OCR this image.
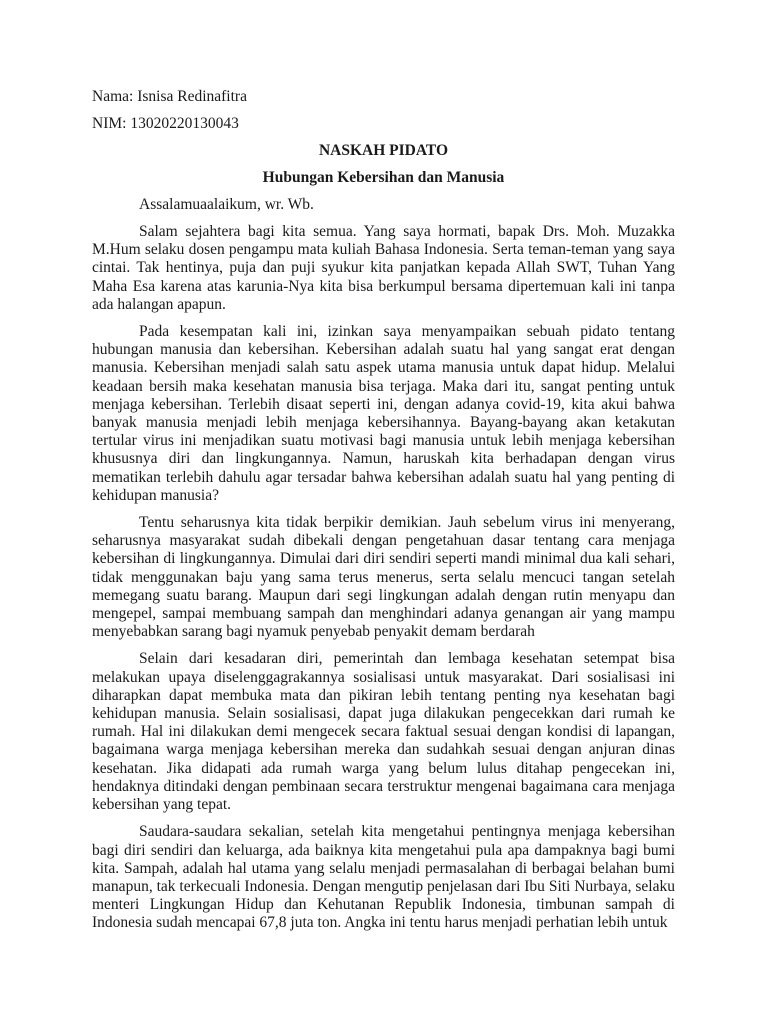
Nama: Isnisa Redinafitra

NIM: 13020220130043

NASKAH PIDATO

Hubungan Kebersihan dan Manusia

Assalamuaalaikum, wr. Wb.

Salam sejahtera bagi kita semua. Yang saya hormati, bapak Drs. Moh. Muzakka M.Hum selaku dosen pengampu mata kuliah Bahasa Indonesia. Serta teman-teman yang saya cintai. Tak hentinya, puja dan puji syukur kita panjatkan kepada Allah SWT, Tuhan Yang Maha Esa karena atas karunia-Nya kita bisa berkumpul bersama dipertemuan kali ini tanpa ada halangan apapun.

Pada kesempatan kali ini, izinkan saya menyampaikan sebuah pidato tentang hubungan manusia dan kebersihan. Kebersihan adalah suatu hal yang sangat erat dengan manusia. Kebersihan menjadi salah satu aspek utama manusia untuk dapat hidup. Melalui keadaan bersih maka kesehatan manusia bisa terjaga. Maka dari itu, sangat penting untuk menjaga kebersihan. Terlebih disaat seperti ini, dengan adanya covid-19, kita akui bahwa banyak manusia menjadi lebih menjaga kebersihannya. Bayang-bayang akan ketakutan tertular virus ini menjadikan suatu motivasi bagi manusia untuk lebih menjaga kebersihan khususnya diri dan lingkungannya. Namun, haruskah kita berhadapan dengan virus mematikan terlebih dahulu agar tersadar bahwa kebersihan adalah suatu hal yang penting di kehidupan manusia?

Tentu seharusnya kita tidak berpikir demikian. Jauh sebelum virus ini menyerang, seharusnya masyarakat sudah dibekali dengan pengetahuan dasar tentang cara menjaga kebersihan di lingkungannya. Dimulai dari diri sendiri seperti mandi minimal dua kali sehari, tidak menggunakan baju yang sama terus menerus, serta selalu mencuci tangan setelah memegang suatu barang. Maupun dari segi lingkungan adalah dengan rutin menyapu dan mengepel, sampai membuang sampah dan menghindari adanya genangan air yang mampu menyebabkan sarang bagi nyamuk penyebab penyakit demam berdarah

Selain dari kesadaran diri, pemerintah dan lembaga kesehatan setempat bisa melakukan upaya diselenggagrakannya sosialisasi untuk masyarakat. Dari sosialisasi ini diharapkan dapat membuka mata dan pikiran lebih tentang penting nya kesehatan bagi kehidupan manusia. Selain sosialisasi, dapat juga dilakukan pengecekkan dari rumah ke rumah. Hal ini dilakukan demi mengecek secara faktual sesuai dengan kondisi di lapangan, bagaimana warga menjaga kebersihan mereka dan sudahkah sesuai dengan anjuran dinas kesehatan. Jika didapati ada rumah warga yang belum lulus ditahap pengecekan ini, hendaknya ditindaki dengan pembinaan secara terstruktur mengenai bagaimana cara menjaga kebersihan yang tepat.

Saudara-saudara sekalian, setelah kita mengetahui pentingnya menjaga kebersihan bagi diri sendiri dan keluarga, ada baiknya kita mengetahui pula apa dampaknya bagi bumi kita. Sampah, adalah hal utama yang selalu menjadi permasalahan di berbagai belahan bumi manapun, tak terkecuali Indonesia. Dengan mengutip penjelasan dari Ibu Siti Nurbaya, selaku menteri Lingkungan Hidup dan Kehutanan Republik Indonesia, timbunan sampah di Indonesia sudah mencapai 67,8 juta ton. Angka ini tentu harus menjadi perhatian lebih untuk
